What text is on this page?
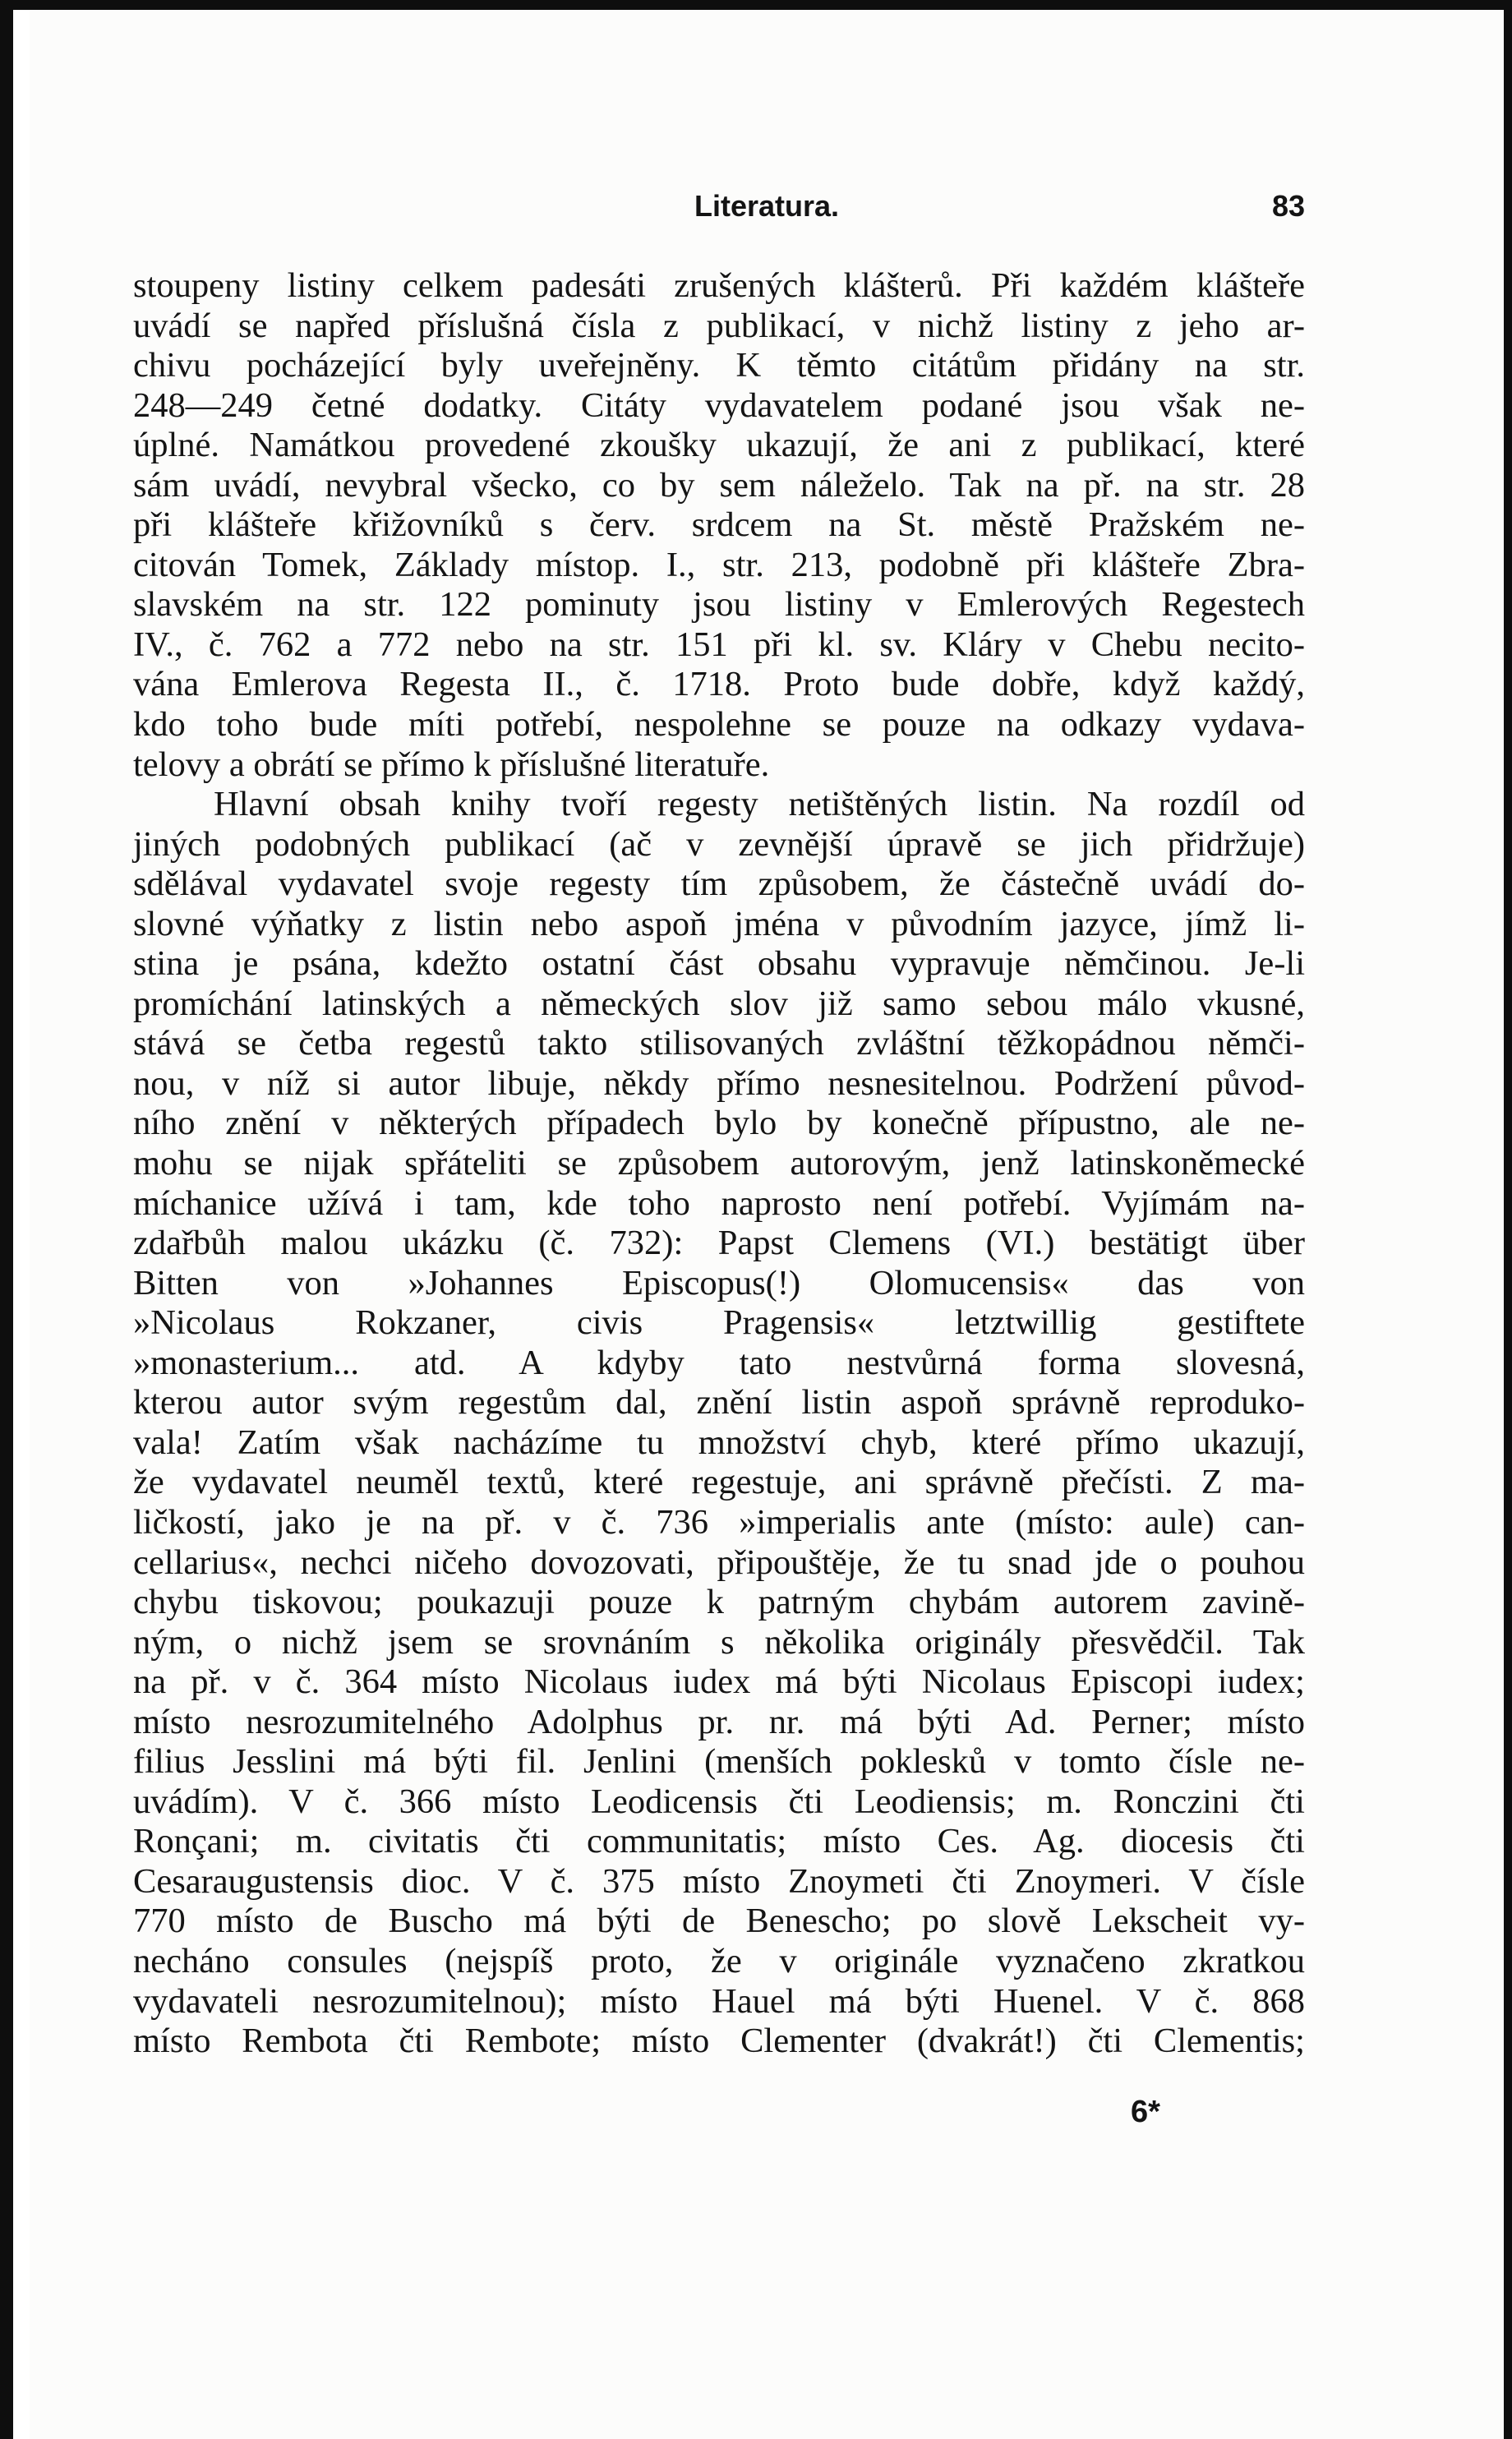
Literatura.	83
stoupeny listiny celkem padesáti zrušených klášterů. Při každém klášteře
uvádí se napřed příslušná čísla z publikací, v nichž listiny z jeho ar-
chivu pocházející byly uveřejněny. K těmto citátům přidány na str.
248—249 četné dodatky. Citáty vydavatelem podané jsou však ne-
úplné. Namátkou provedené zkoušky ukazují, že ani z publikací, které
sám uvádí, nevybral všecko, co by sem náleželo. Tak na př. na str. 28
při klášteře křižovníků s červ. srdcem na St. městě Pražském ne-
citován Tomek, Základy místop. I., str. 213, podobně při klášteře Zbra-
slavském na str. 122 pominuty jsou listiny v Emlerových Regestech
IV., č. 762 a 772 nebo na str. 151 při kl. sv. Kláry v Chebu necito-
vána Emlerova Regesta II., č. 1718. Proto bude dobře, když každý,
kdo toho bude míti potřebí, nespolehne se pouze na odkazy vydava-
telovy a obrátí se přímo k příslušné literatuře.
Hlavní obsah knihy tvoří regesty netištěných listin. Na rozdíl od
jiných podobných publikací (ač v zevnější úpravě se jich přidržuje)
sdělával vydavatel svoje regesty tím způsobem, že částečně uvádí do-
slovné výňatky z listin nebo aspoň jména v původním jazyce, jímž li-
stina je psána, kdežto ostatní část obsahu vypravuje němčinou. Je-li
promíchání latinských a německých slov již samo sebou málo vkusné,
stává se četba regestů takto stilisovaných zvláštní těžkopádnou němči-
nou, v níž si autor libuje, někdy přímo nesnesitelnou. Podržení původ-
ního znění v některých případech bylo by konečně přípustno, ale ne-
mohu se nijak spřáteliti se způsobem autorovým, jenž latinskoněmecké
míchanice užívá i tam, kde toho naprosto není potřebí. Vyjímám na-
zdařbůh malou ukázku (č. 732): Papst Clemens (VI.) bestätigt über
Bitten von »Johannes Episcopus(!) Olomucensis« das von
»Nicolaus Rokzaner, civis Pragensis« letztwillig gestiftete
»monasterium... atd. A kdyby tato nestvůrná forma slovesná,
kterou autor svým regestům dal, znění listin aspoň správně reproduko-
vala! Zatím však nacházíme tu množství chyb, které přímo ukazují,
že vydavatel neuměl textů, které regestuje, ani správně přečísti. Z ma-
ličkostí, jako je na př. v č. 736 »imperialis ante (místo: aule) can-
cellarius«, nechci ničeho dovozovati, připouštěje, že tu snad jde o pouhou
chybu tiskovou; poukazuji pouze k patrným chybám autorem zavině-
ným, o nichž jsem se srovnáním s několika originály přesvědčil. Tak
na př. v č. 364 místo Nicolaus iudex má býti Nicolaus Episcopi iudex;
místo nesrozumitelného Adolphus pr. nr. má býti Ad. Perner; místo
filius Jesslini má býti fil. Jenlini (menších poklesků v tomto čísle ne-
uvádím). V č. 366 místo Leodicensis čti Leodiensis; m. Ronczini čti
Ronçani; m. civitatis čti communitatis; místo Ces. Ag. diocesis čti
Cesaraugustensis dioc. V č. 375 místo Znoymeti čti Znoymeri. V čísle
770 místo de Buscho má býti de Benescho; po slově Lekscheit vy-
necháno consules (nejspíš proto, že v originále vyznačeno zkratkou
vydavateli nesrozumitelnou); místo Hauel má býti Huenel. V č. 868
místo Rembota čti Rembote; místo Clementer (dvakrát!) čti Clementis;
6*
